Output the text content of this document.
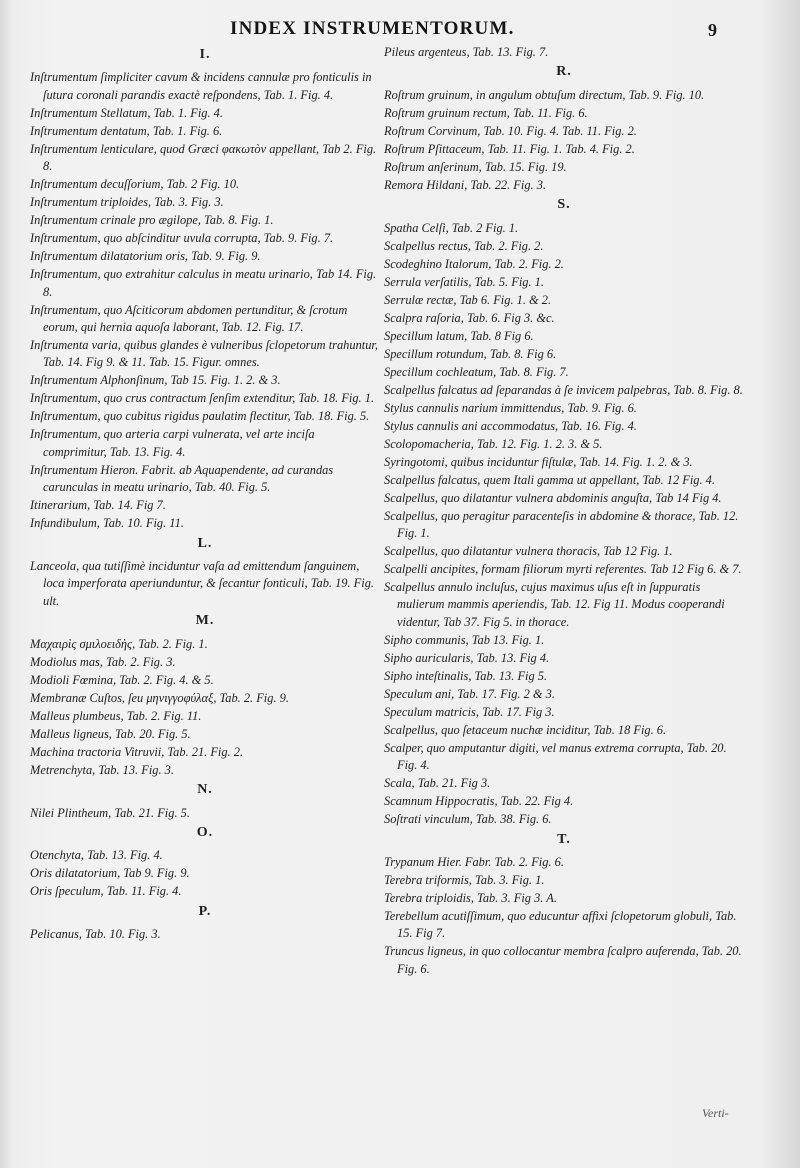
INDEX INSTRUMENTORUM.	9
I.
Inſtrumentum ſimpliciter cavum & incidens cannulæ pro fonticulis in ſutura coronali parandis exactè reſpondens, Tab. 1. Fig. 4.
Inſtrumentum Stellatum, Tab. 1. Fig. 4.
Inſtrumentum dentatum, Tab. 1. Fig. 6.
Inſtrumentum lenticulare, quod Græci φακωτὸν appellant, Tab 2. Fig. 8.
Inſtrumentum decuſſorium, Tab. 2 Fig. 10.
Inſtrumentum triploides, Tab. 3. Fig. 3.
Inſtrumentum crinale pro ægilope, Tab. 8. Fig. 1.
Inſtrumentum, quo abſcinditur uvula corrupta, Tab. 9. Fig. 7.
Inſtrumentum dilatatorium oris, Tab. 9. Fig. 9.
Inſtrumentum, quo extrahitur calculus in meatu urinario, Tab 14. Fig. 8.
Inſtrumentum, quo Aſciticorum abdomen pertunditur, & ſcrotum eorum, qui hernia aquoſa laborant, Tab. 12. Fig. 17.
Inſtrumenta varia, quibus glandes è vulneribus ſclopetorum trahuntur, Tab. 14. Fig 9. & 11. Tab. 15. Figur. omnes.
Inſtrumentum Alphonſinum, Tab 15. Fig. 1. 2. & 3.
Inſtrumentum, quo crus contractum ſenſim extenditur, Tab. 18. Fig. 1.
Inſtrumentum, quo cubitus rigidus paulatim flectitur, Tab. 18. Fig. 5.
Inſtrumentum, quo arteria carpi vulnerata, vel arte inciſa comprimitur, Tab. 13. Fig. 4.
Inſtrumentum Hieron. Fabrit. ab Aquapendente, ad curandas carunculas in meatu urinario, Tab. 40. Fig. 5.
Itinerarium, Tab. 14. Fig 7.
Infundibulum, Tab. 10. Fig. 11.
L.
Lanceola, qua tutiſſimè inciduntur vaſa ad emittendum ſanguinem, loca imperforata aperiunduntur, & ſecantur fonticuli, Tab. 19. Fig. ult.
M.
Μαχαιρὶς σμιλοειδὴς, Tab. 2. Fig. 1.
Modiolus mas, Tab. 2. Fig. 3.
Modioli Fœmina, Tab. 2. Fig. 4. & 5.
Membranæ Cuſtos, ſeu μηνιγγοφύλαξ, Tab. 2. Fig. 9.
Malleus plumbeus, Tab. 2. Fig. 11.
Malleus ligneus, Tab. 20. Fig. 5.
Machina tractoria Vitruvii, Tab. 21. Fig. 2.
Metrenchyta, Tab. 13. Fig. 3.
N.
Nilei Plintheum, Tab. 21. Fig. 5.
O.
Otenchyta, Tab. 13. Fig. 4.
Oris dilatatorium, Tab 9. Fig. 9.
Oris ſpeculum, Tab. 11. Fig. 4.
P.
Pelicanus, Tab. 10. Fig. 3.
Pileus argenteus, Tab. 13. Fig. 7.
R.
Roſtrum gruinum, in angulum obtuſum directum, Tab. 9. Fig. 10.
Roſtrum gruinum rectum, Tab. 11. Fig. 6.
Roſtrum Corvinum, Tab. 10. Fig. 4. Tab. 11. Fig. 2.
Roſtrum Pſittaceum, Tab. 11. Fig. 1. Tab. 4. Fig. 2.
Roſtrum anſerinum, Tab. 15. Fig. 19.
Remora Hildani, Tab. 22. Fig. 3.
S.
Spatha Celſi, Tab. 2 Fig. 1.
Scalpellus rectus, Tab. 2. Fig. 2.
Scodeghino Italorum, Tab. 2. Fig. 2.
Serrula verſatilis, Tab. 5. Fig. 1.
Serrulæ rectæ, Tab 6. Fig. 1. & 2.
Scalpra raſoria, Tab. 6. Fig 3. &c.
Specillum latum, Tab. 8 Fig 6.
Specillum rotundum, Tab. 8. Fig 6.
Specillum cochleatum, Tab. 8. Fig. 7.
Scalpellus falcatus ad ſeparandas à ſe invicem palpebras, Tab. 8. Fig. 8.
Stylus cannulis narium immittendus, Tab. 9. Fig. 6.
Stylus cannulis ani accommodatus, Tab. 16. Fig. 4.
Scolopomacheria, Tab. 12. Fig. 1. 2. 3. & 5.
Syringotomi, quibus inciduntur fiſtulæ, Tab. 14. Fig. 1. 2. & 3.
Scalpellus falcatus, quem Itali gamma ut appellant, Tab. 12 Fig. 4.
Scalpellus, quo dilatantur vulnera abdominis anguſta, Tab 14 Fig 4.
Scalpellus, quo peragitur paracenteſis in abdomine & thorace, Tab. 12. Fig. 1.
Scalpellus, quo dilatantur vulnera thoracis, Tab 12 Fig. 1.
Scalpelli ancipites, formam filiorum myrti referentes. Tab 12 Fig 6. & 7.
Scalpellus annulo incluſus, cujus maximus uſus eſt in ſuppuratis mulierum mammis aperiendis, Tab. 12. Fig 11. Modus cooperandi videntur, Tab 37. Fig 5. in thorace.
Sipho communis, Tab 13. Fig. 1.
Sipho auricularis, Tab. 13. Fig 4.
Sipho inteſtinalis, Tab. 13. Fig 5.
Speculum ani, Tab. 17. Fig. 2 & 3.
Speculum matricis, Tab. 17. Fig 3.
Scalpellus, quo ſetaceum nuchæ inciditur, Tab. 18 Fig. 6.
Scalper, quo amputantur digiti, vel manus extrema corrupta, Tab. 20. Fig. 4.
Scala, Tab. 21. Fig 3.
Scamnum Hippocratis, Tab. 22. Fig 4.
Soſtrati vinculum, Tab. 38. Fig. 6.
T.
Trypanum Hier. Fabr. Tab. 2. Fig. 6.
Terebra triformis, Tab. 3. Fig. 1.
Terebra triploidis, Tab. 3. Fig 3. A.
Terebellum acutiſſimum, quo educuntur affixi ſclopetorum globuli, Tab. 15. Fig 7.
Truncus ligneus, in quo collocantur membra ſcalpro auferenda, Tab. 20. Fig. 6.
Verti-
